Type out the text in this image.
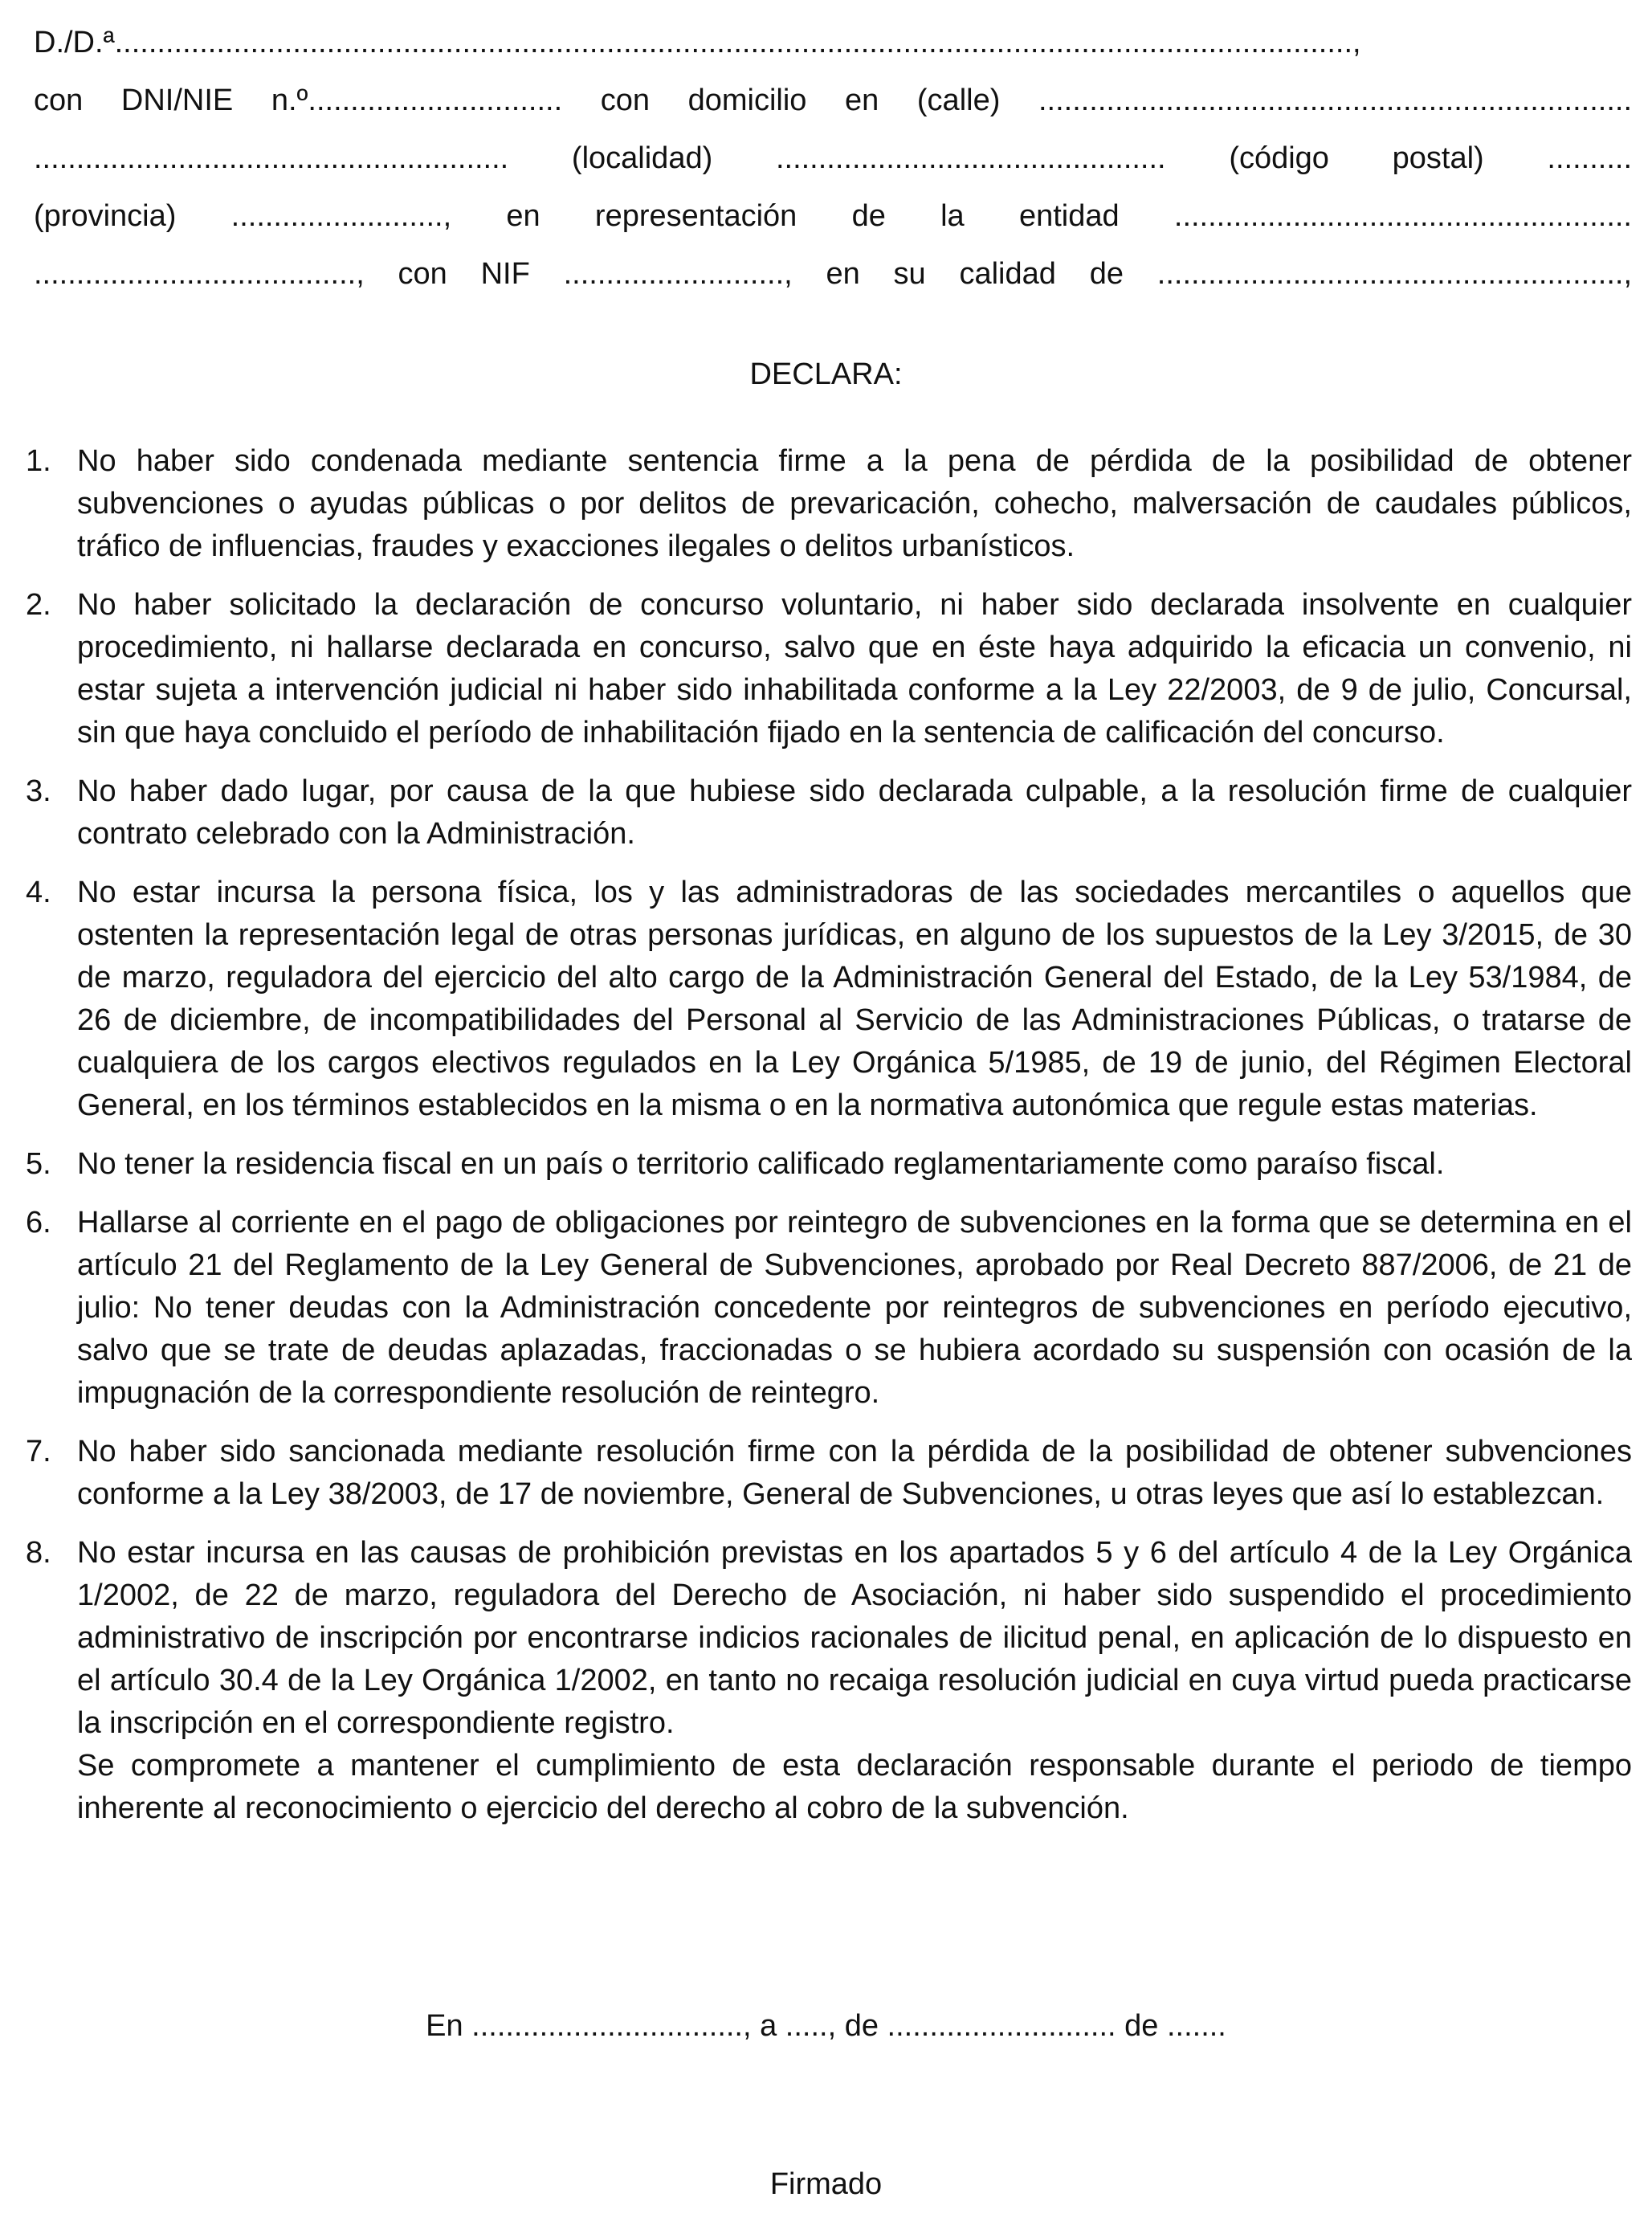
D./D.ª..................................................................................................................................................,
con DNI/NIE n.º.............................. con domicilio en (calle) ......................................................................
........................................................ (localidad) .............................................. (código postal) ..........
(provincia) ........................., en representación de la entidad ......................................................
......................................, con NIF .........................., en su calidad de .......................................................,
DECLARA:
1. No haber sido condenada mediante sentencia firme a la pena de pérdida de la posibilidad de obtener subvenciones o ayudas públicas o por delitos de prevaricación, cohecho, malversación de caudales públicos, tráfico de influencias, fraudes y exacciones ilegales o delitos urbanísticos.

2. No haber solicitado la declaración de concurso voluntario, ni haber sido declarada insolvente en cualquier procedimiento, ni hallarse declarada en concurso, salvo que en éste haya adquirido la eficacia un convenio, ni estar sujeta a intervención judicial ni haber sido inhabilitada conforme a la Ley 22/2003, de 9 de julio, Concursal, sin que haya concluido el período de inhabilitación fijado en la sentencia de calificación del concurso.

3. No haber dado lugar, por causa de la que hubiese sido declarada culpable, a la resolución firme de cualquier contrato celebrado con la Administración.

4. No estar incursa la persona física, los y las administradoras de las sociedades mercantiles o aquellos que ostenten la representación legal de otras personas jurídicas, en alguno de los supuestos de la Ley 3/2015, de 30 de marzo, reguladora del ejercicio del alto cargo de la Administración General del Estado, de la Ley 53/1984, de 26 de diciembre, de incompatibilidades del Personal al Servicio de las Administraciones Públicas, o tratarse de cualquiera de los cargos electivos regulados en la Ley Orgánica 5/1985, de 19 de junio, del Régimen Electoral General, en los términos establecidos en la misma o en la normativa autonómica que regule estas materias.

5. No tener la residencia fiscal en un país o territorio calificado reglamentariamente como paraíso fiscal.

6. Hallarse al corriente en el pago de obligaciones por reintegro de subvenciones en la forma que se determina en el artículo 21 del Reglamento de la Ley General de Subvenciones, aprobado por Real Decreto 887/2006, de 21 de julio: No tener deudas con la Administración concedente por reintegros de subvenciones en período ejecutivo, salvo que se trate de deudas aplazadas, fraccionadas o se hubiera acordado su suspensión con ocasión de la impugnación de la correspondiente resolución de reintegro.

7. No haber sido sancionada mediante resolución firme con la pérdida de la posibilidad de obtener subvenciones conforme a la Ley 38/2003, de 17 de noviembre, General de Subvenciones, u otras leyes que así lo establezcan.

8. No estar incursa en las causas de prohibición previstas en los apartados 5 y 6 del artículo 4 de la Ley Orgánica 1/2002, de 22 de marzo, reguladora del Derecho de Asociación, ni haber sido suspendido el procedimiento administrativo de inscripción por encontrarse indicios racionales de ilicitud penal, en aplicación de lo dispuesto en el artículo 30.4 de la Ley Orgánica 1/2002, en tanto no recaiga resolución judicial en cuya virtud pueda practicarse la inscripción en el correspondiente registro.

Se compromete a mantener el cumplimiento de esta declaración responsable durante el periodo de tiempo inherente al reconocimiento o ejercicio del derecho al cobro de la subvención.

En ................................, a ....., de ........................... de .......
Firmado
